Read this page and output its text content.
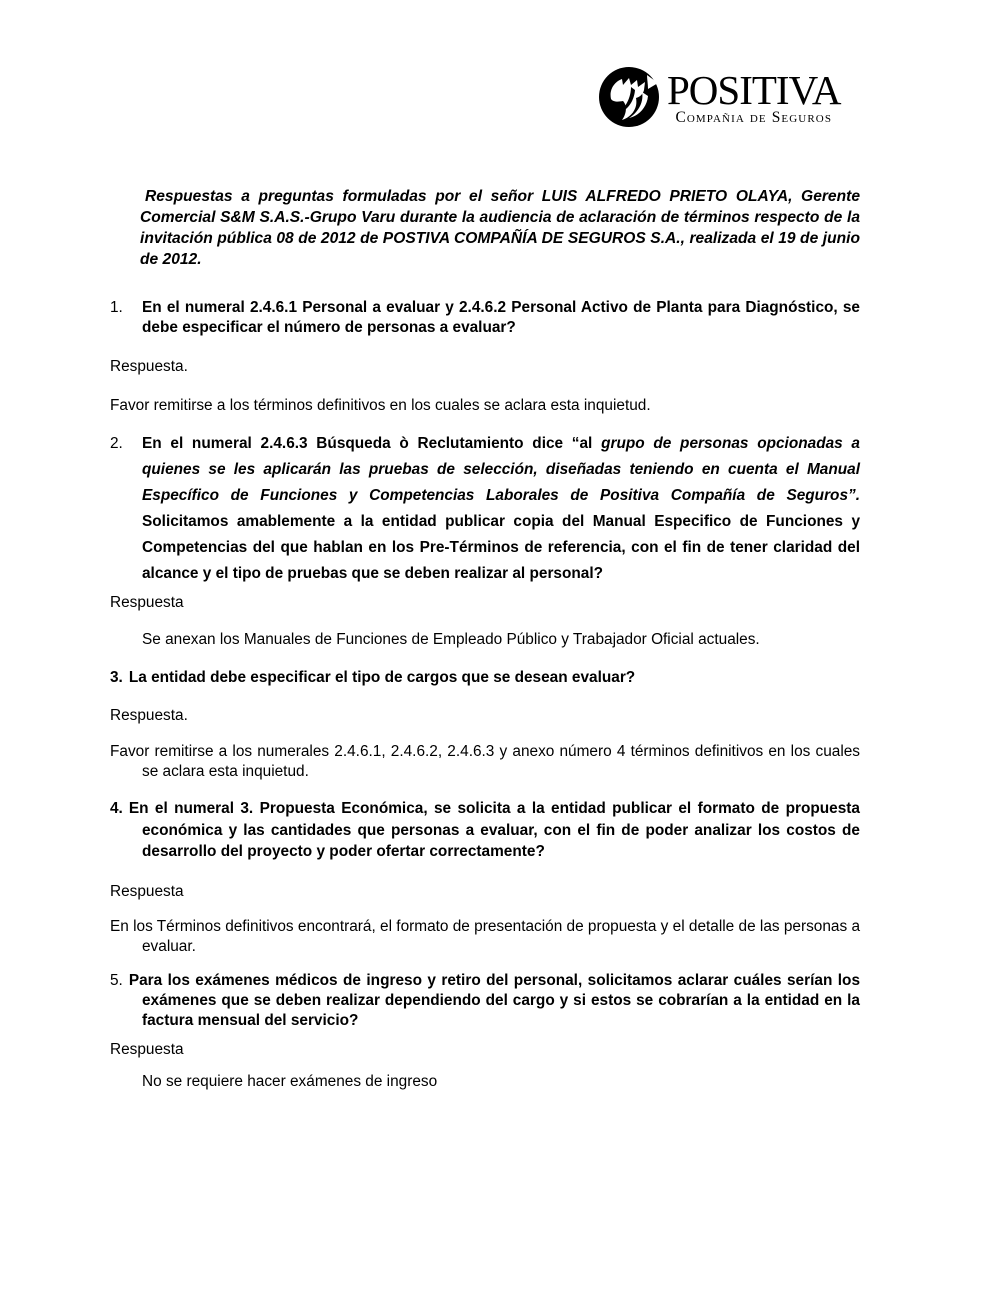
POSITIVA
Compañia de Seguros

Respuestas a preguntas formuladas por el señor LUIS ALFREDO PRIETO OLAYA, Gerente Comercial S&M S.A.S.-Grupo Varu durante la audiencia de aclaración de términos respecto de la invitación pública 08 de 2012 de POSTIVA COMPAÑÍA DE SEGUROS S.A., realizada el 19 de junio de 2012.

1. En el numeral 2.4.6.1 Personal a evaluar y 2.4.6.2 Personal Activo de Planta para Diagnóstico, se debe especificar el número de personas a evaluar?

Respuesta.

Favor remitirse a los términos definitivos en los cuales se aclara esta inquietud.

2. En el numeral 2.4.6.3 Búsqueda ò Reclutamiento dice “al grupo de personas opcionadas a quienes se les aplicarán las pruebas de selección, diseñadas teniendo en cuenta el Manual Específico de Funciones y Competencias Laborales de Positiva Compañía de Seguros”. Solicitamos amablemente a la entidad publicar copia del Manual Especifico de Funciones y Competencias del que hablan en los Pre-Términos de referencia, con el fin de tener claridad del alcance y el tipo de pruebas que se deben realizar al personal?

Respuesta

Se anexan los Manuales de Funciones de Empleado Público y Trabajador Oficial actuales.

3. La entidad debe especificar el tipo de cargos que se desean evaluar?

Respuesta.

Favor remitirse a los numerales 2.4.6.1, 2.4.6.2, 2.4.6.3 y anexo número 4 términos definitivos en los cuales se aclara esta inquietud.

4. En el numeral 3. Propuesta Económica, se solicita a la entidad publicar el formato de propuesta económica y las cantidades que personas a evaluar, con el fin de poder analizar los costos de desarrollo del proyecto y poder ofertar correctamente?

Respuesta

En los Términos definitivos encontrará, el formato de presentación de propuesta y el detalle de las personas a evaluar.

5. Para los exámenes médicos de ingreso y retiro del personal, solicitamos aclarar cuáles serían los exámenes que se deben realizar dependiendo del cargo y si estos se cobrarían a la entidad en la factura mensual del servicio?

Respuesta

No se requiere hacer exámenes de ingreso
